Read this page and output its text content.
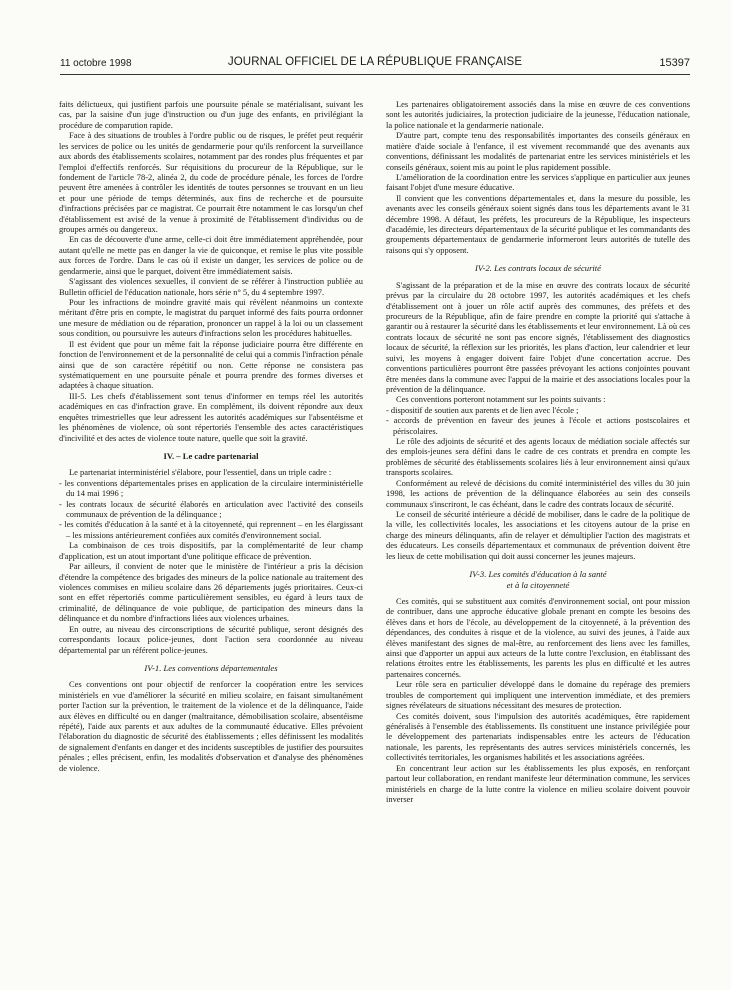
11 octobre 1998	JOURNAL OFFICIEL DE LA RÉPUBLIQUE FRANÇAISE	15397

faits délictueux, qui justifient parfois une poursuite pénale se matérialisant, suivant les cas, par la saisine d'un juge d'instruction ou d'un juge des enfants, en privilégiant la procédure de comparution rapide.

Face à des situations de troubles à l'ordre public ou de risques, le préfet peut requérir les services de police ou les unités de gendarmerie pour qu'ils renforcent la surveillance aux abords des établissements scolaires, notamment par des rondes plus fréquentes et par l'emploi d'effectifs renforcés. Sur réquisitions du procureur de la République, sur le fondement de l'article 78-2, alinéa 2, du code de procédure pénale, les forces de l'ordre peuvent être amenées à contrôler les identités de toutes personnes se trouvant en un lieu et pour une période de temps déterminés, aux fins de recherche et de poursuite d'infractions précisées par ce magistrat. Ce pourrait être notamment le cas lorsqu'un chef d'établissement est avisé de la venue à proximité de l'établissement d'individus ou de groupes armés ou dangereux.

En cas de découverte d'une arme, celle-ci doit être immédiatement appréhendée, pour autant qu'elle ne mette pas en danger la vie de quiconque, et remise le plus vite possible aux forces de l'ordre. Dans le cas où il existe un danger, les services de police ou de gendarmerie, ainsi que le parquet, doivent être immédiatement saisis.

S'agissant des violences sexuelles, il convient de se référer à l'instruction publiée au Bulletin officiel de l'éducation nationale, hors série n° 5, du 4 septembre 1997.

Pour les infractions de moindre gravité mais qui révèlent néanmoins un contexte méritant d'être pris en compte, le magistrat du parquet informé des faits pourra ordonner une mesure de médiation ou de réparation, prononcer un rappel à la loi ou un classement sous condition, ou poursuivre les auteurs d'infractions selon les procédures habituelles.

Il est évident que pour un même fait la réponse judiciaire pourra être différente en fonction de l'environnement et de la personnalité de celui qui a commis l'infraction pénale ainsi que de son caractère répétitif ou non. Cette réponse ne consistera pas systématiquement en une poursuite pénale et pourra prendre des formes diverses et adaptées à chaque situation.

III-5. Les chefs d'établissement sont tenus d'informer en temps réel les autorités académiques en cas d'infraction grave. En complément, ils doivent répondre aux deux enquêtes trimestrielles que leur adressent les autorités académiques sur l'absentéisme et les phénomènes de violence, où sont répertoriés l'ensemble des actes caractéristiques d'incivilité et des actes de violence toute nature, quelle que soit la gravité.

IV. – Le cadre partenarial

Le partenariat interministériel s'élabore, pour l'essentiel, dans un triple cadre :

- les conventions départementales prises en application de la circulaire interministérielle du 14 mai 1996 ;
- les contrats locaux de sécurité élaborés en articulation avec l'activité des conseils communaux de prévention de la délinquance ;
- les comités d'éducation à la santé et à la citoyenneté, qui reprennent – en les élargissant – les missions antérieurement confiées aux comités d'environnement social.

La combinaison de ces trois dispositifs, par la complémentarité de leur champ d'application, est un atout important d'une politique efficace de prévention.

Par ailleurs, il convient de noter que le ministère de l'intérieur a pris la décision d'étendre la compétence des brigades des mineurs de la police nationale au traitement des violences commises en milieu scolaire dans 26 départements jugés prioritaires. Ceux-ci sont en effet répertoriés comme particulièrement sensibles, eu égard à leurs taux de criminalité, de délinquance de voie publique, de participation des mineurs dans la délinquance et du nombre d'infractions liées aux violences urbaines.

En outre, au niveau des circonscriptions de sécurité publique, seront désignés des correspondants locaux police-jeunes, dont l'action sera coordonnée au niveau départemental par un référent police-jeunes.

IV-1. Les conventions départementales

Ces conventions ont pour objectif de renforcer la coopération entre les services ministériels en vue d'améliorer la sécurité en milieu scolaire, en faisant simultanément porter l'action sur la prévention, le traitement de la violence et de la délinquance, l'aide aux élèves en difficulté ou en danger (maltraitance, démobilisation scolaire, absentéisme répété), l'aide aux parents et aux adultes de la communauté éducative. Elles prévoient l'élaboration du diagnostic de sécurité des établissements ; elles définissent les modalités de signalement d'enfants en danger et des incidents susceptibles de justifier des poursuites pénales ; elles précisent, enfin, les modalités d'observation et d'analyse des phénomènes de violence.

Les partenaires obligatoirement associés dans la mise en œuvre de ces conventions sont les autorités judiciaires, la protection judiciaire de la jeunesse, l'éducation nationale, la police nationale et la gendarmerie nationale.

D'autre part, compte tenu des responsabilités importantes des conseils généraux en matière d'aide sociale à l'enfance, il est vivement recommandé que des avenants aux conventions, définissant les modalités de partenariat entre les services ministériels et les conseils généraux, soient mis au point le plus rapidement possible.

L'amélioration de la coordination entre les services s'applique en particulier aux jeunes faisant l'objet d'une mesure éducative.

Il convient que les conventions départementales et, dans la mesure du possible, les avenants avec les conseils généraux soient signés dans tous les départements avant le 31 décembre 1998. A défaut, les préfets, les procureurs de la République, les inspecteurs d'académie, les directeurs départementaux de la sécurité publique et les commandants des groupements départementaux de gendarmerie informeront leurs autorités de tutelle des raisons qui s'y opposent.

IV-2. Les contrats locaux de sécurité

S'agissant de la préparation et de la mise en œuvre des contrats locaux de sécurité prévus par la circulaire du 28 octobre 1997, les autorités académiques et les chefs d'établissement ont à jouer un rôle actif auprès des communes, des préfets et des procureurs de la République, afin de faire prendre en compte la priorité qui s'attache à garantir ou à restaurer la sécurité dans les établissements et leur environnement. Là où ces contrats locaux de sécurité ne sont pas encore signés, l'établissement des diagnostics locaux de sécurité, la réflexion sur les priorités, les plans d'action, leur calendrier et leur suivi, les moyens à engager doivent faire l'objet d'une concertation accrue. Des conventions particulières pourront être passées prévoyant les actions conjointes pouvant être menées dans la commune avec l'appui de la mairie et des associations locales pour la prévention de la délinquance.

Ces conventions porteront notamment sur les points suivants :

- dispositif de soutien aux parents et de lien avec l'école ;
- accords de prévention en faveur des jeunes à l'école et actions postscolaires et périscolaires.

Le rôle des adjoints de sécurité et des agents locaux de médiation sociale affectés sur des emplois-jeunes sera défini dans le cadre de ces contrats et prendra en compte les problèmes de sécurité des établissements scolaires liés à leur environnement ainsi qu'aux transports scolaires.

Conformément au relevé de décisions du comité interministériel des villes du 30 juin 1998, les actions de prévention de la délinquance élaborées au sein des conseils communaux s'inscriront, le cas échéant, dans le cadre des contrats locaux de sécurité.

Le conseil de sécurité intérieure a décidé de mobiliser, dans le cadre de la politique de la ville, les collectivités locales, les associations et les citoyens autour de la prise en charge des mineurs délinquants, afin de relayer et démultiplier l'action des magistrats et des éducateurs. Les conseils départementaux et communaux de prévention doivent être les lieux de cette mobilisation qui doit aussi concerner les jeunes majeurs.

IV-3. Les comités d'éducation à la santé
et à la citoyenneté

Ces comités, qui se substituent aux comités d'environnement social, ont pour mission de contribuer, dans une approche éducative globale prenant en compte les besoins des élèves dans et hors de l'école, au développement de la citoyenneté, à la prévention des dépendances, des conduites à risque et de la violence, au suivi des jeunes, à l'aide aux élèves manifestant des signes de mal-être, au renforcement des liens avec les familles, ainsi que d'apporter un appui aux acteurs de la lutte contre l'exclusion, en établissant des relations étroites entre les établissements, les parents les plus en difficulté et les autres partenaires concernés.

Leur rôle sera en particulier développé dans le domaine du repérage des premiers troubles de comportement qui impliquent une intervention immédiate, et des premiers signes révélateurs de situations nécessitant des mesures de protection.

Ces comités doivent, sous l'impulsion des autorités académiques, être rapidement généralisés à l'ensemble des établissements. Ils constituent une instance privilégiée pour le développement des partenariats indispensables entre les acteurs de l'éducation nationale, les parents, les représentants des autres services ministériels concernés, les collectivités territoriales, les organismes habilités et les associations agréées.

En concentrant leur action sur les établissements les plus exposés, en renforçant partout leur collaboration, en rendant manifeste leur détermination commune, les services ministériels en charge de la lutte contre la violence en milieu scolaire doivent pouvoir inverser
